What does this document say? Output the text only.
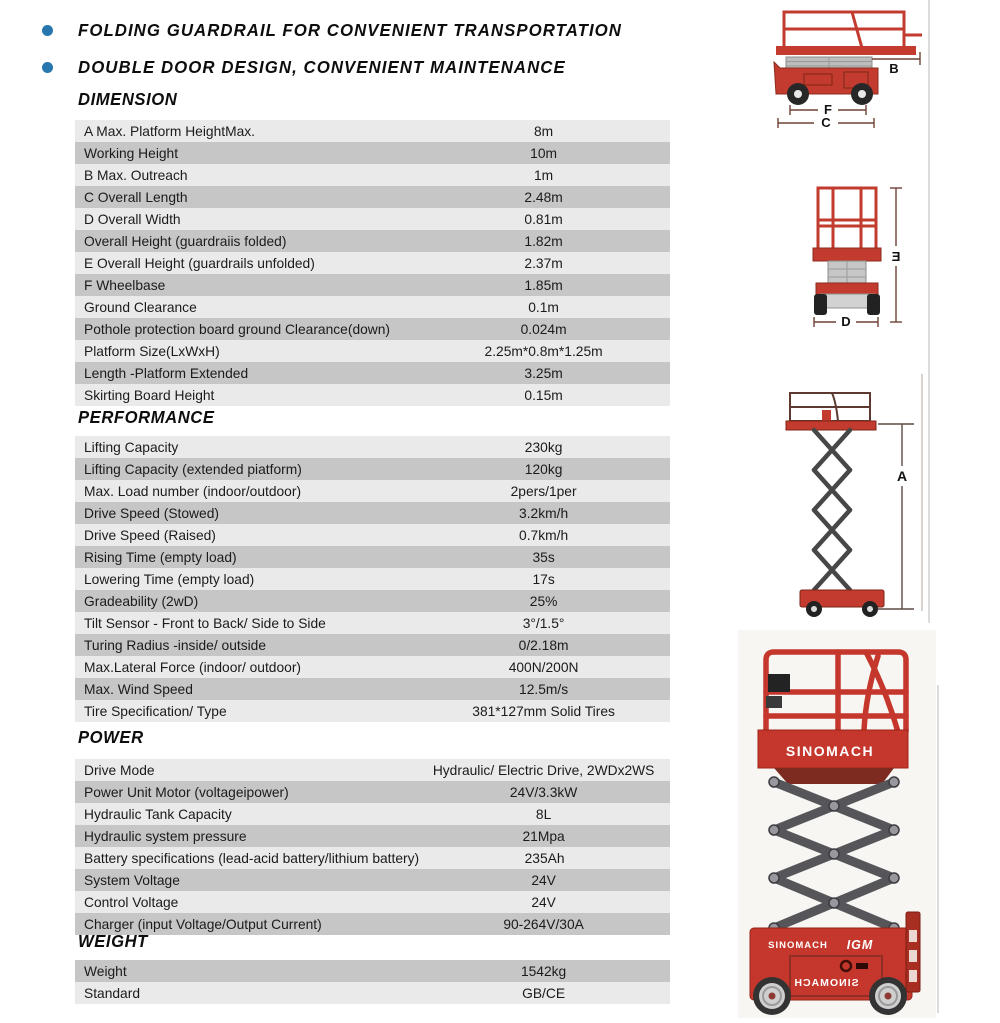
FOLDING GUARDRAIL FOR CONVENIENT TRANSPORTATION
DOUBLE DOOR DESIGN, CONVENIENT MAINTENANCE
DIMENSION
A Max. Platform HeightMax.	8m
Working Height	10m
B Max. Outreach	1m
C Overall Length	2.48m
D Overall Width	0.81m
Overall Height (guardraiis folded)	1.82m
E Overall Height (guardrails unfolded)	2.37m
F Wheelbase	1.85m
Ground Clearance	0.1m
Pothole protection board ground Clearance(down)	0.024m
Platform Size(LxWxH)	2.25m*0.8m*1.25m
Length -Platform Extended	3.25m
Skirting Board Height	0.15m
PERFORMANCE
Lifting Capacity	230kg
Lifting Capacity (extended piatform)	120kg
Max. Load number (indoor/outdoor)	2pers/1per
Drive Speed (Stowed)	3.2km/h
Drive Speed (Raised)	0.7km/h
Rising Time (empty load)	35s
Lowering Time (empty load)	17s
Gradeability (2wD)	25%
Tilt Sensor - Front to Back/ Side to Side	3°/1.5°
Turing Radius -inside/ outside	0/2.18m
Max.Lateral Force (indoor/ outdoor)	400N/200N
Max. Wind Speed	12.5m/s
Tire Specification/ Type	381*127mm Solid Tires
POWER
Drive Mode	Hydraulic/ Electric Drive, 2WDx2WS
Power Unit Motor (voltageipower)	24V/3.3kW
Hydraulic Tank Capacity	8L
Hydraulic system pressure	21Mpa
Battery specifications (lead-acid battery/lithium battery)	235Ah
System Voltage	24V
Control Voltage	24V
Charger (input Voltage/Output Current)	90-264V/30A
WEIGHT
Weight	1542kg
Standard	GB/CE
B
F
C
D
E
A
SINOMACH
SINOMACH IGM
SINOMACH
